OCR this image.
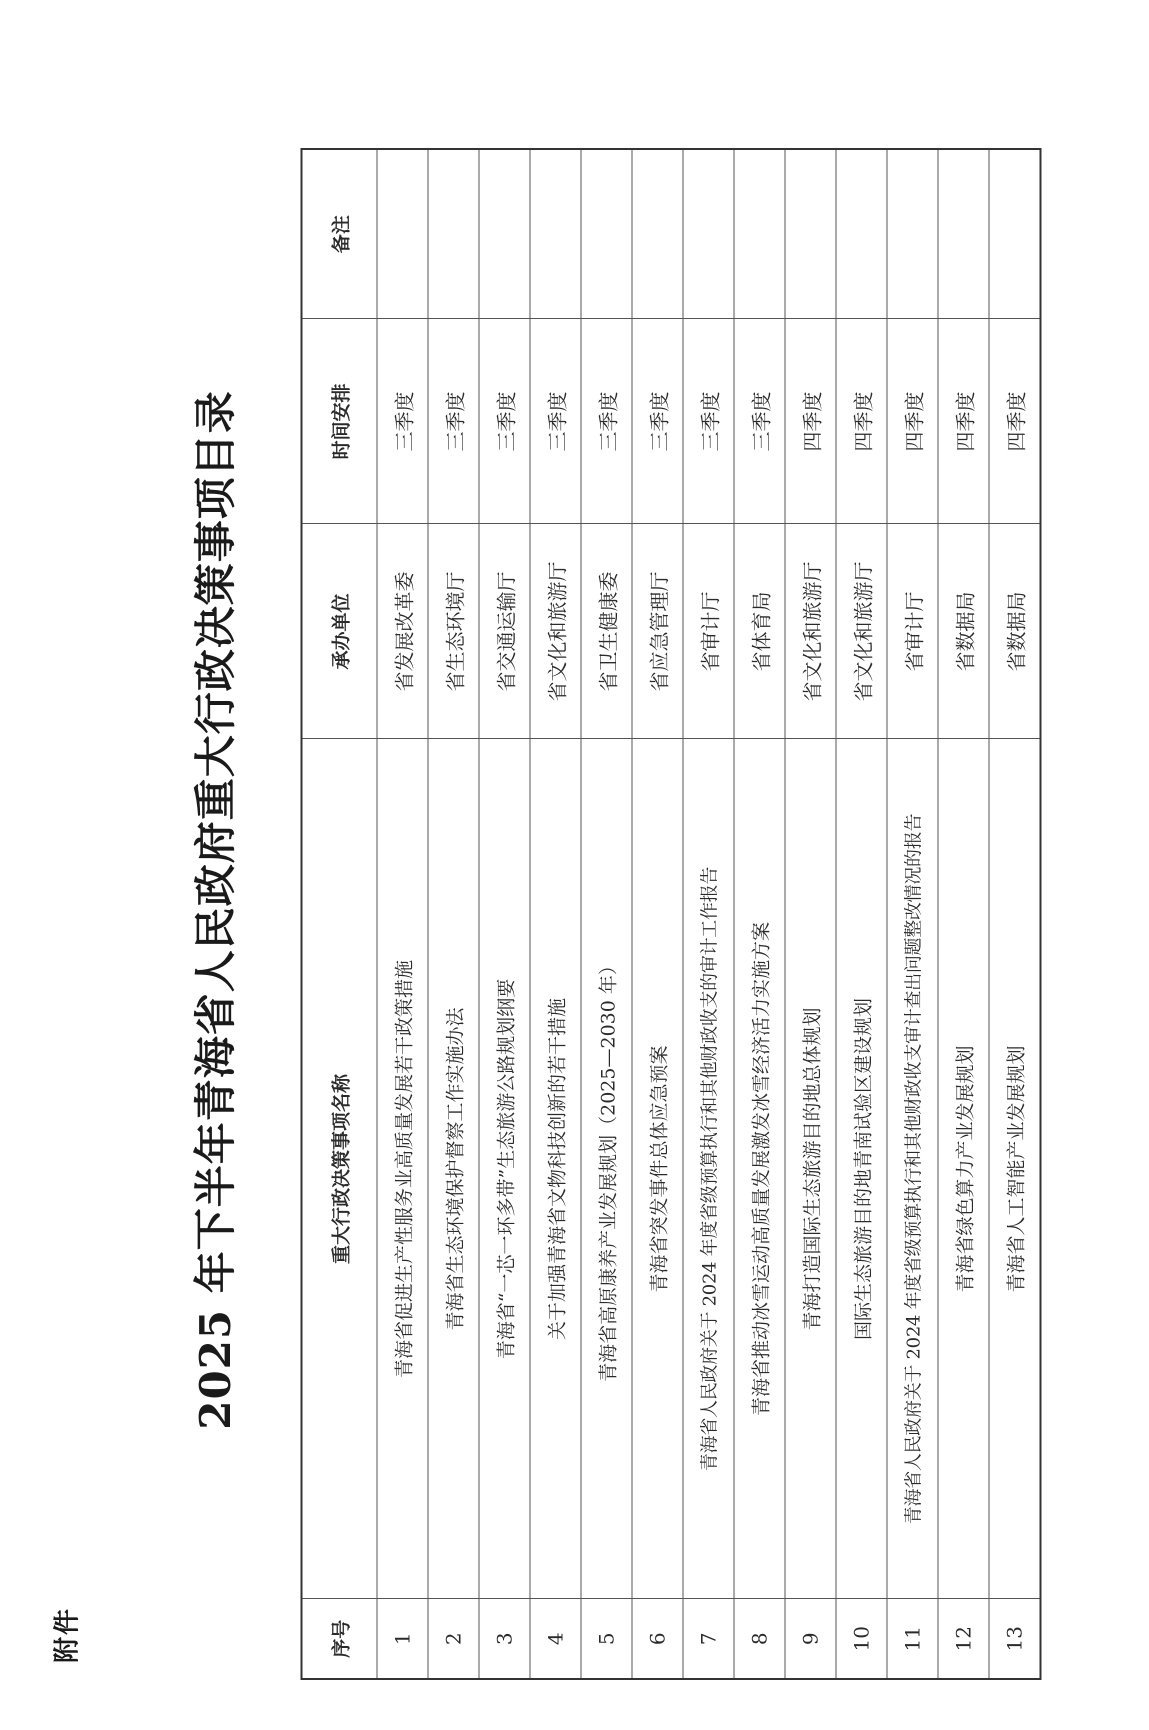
附件
2025 年下半年青海省人民政府重大行政决策事项目录
序号	重大行政决策事项名称	承办单位	时间安排	备注
1	青海省促进生产性服务业高质量发展若干政策措施	省发展改革委	三季度	
2	青海省生态环境保护督察工作实施办法	省生态环境厅	三季度	
3	青海省“一芯一环多带”生态旅游公路规划纲要	省交通运输厅	三季度	
4	关于加强青海省文物科技创新的若干措施	省文化和旅游厅	三季度	
5	青海省高原康养产业发展规划（2025—2030 年）	省卫生健康委	三季度	
6	青海省突发事件总体应急预案	省应急管理厅	三季度	
7	青海省人民政府关于 2024 年度省级预算执行和其他财政收支的审计工作报告	省审计厅	三季度	
8	青海省推动冰雪运动高质量发展激发冰雪经济活力实施方案	省体育局	三季度	
9	青海打造国际生态旅游目的地总体规划	省文化和旅游厅	四季度	
10	国际生态旅游目的地青南试验区建设规划	省文化和旅游厅	四季度	
11	青海省人民政府关于 2024 年度省级预算执行和其他财政收支审计查出问题整改情况的报告	省审计厅	四季度	
12	青海省绿色算力产业发展规划	省数据局	四季度	
13	青海省人工智能产业发展规划	省数据局	四季度	
